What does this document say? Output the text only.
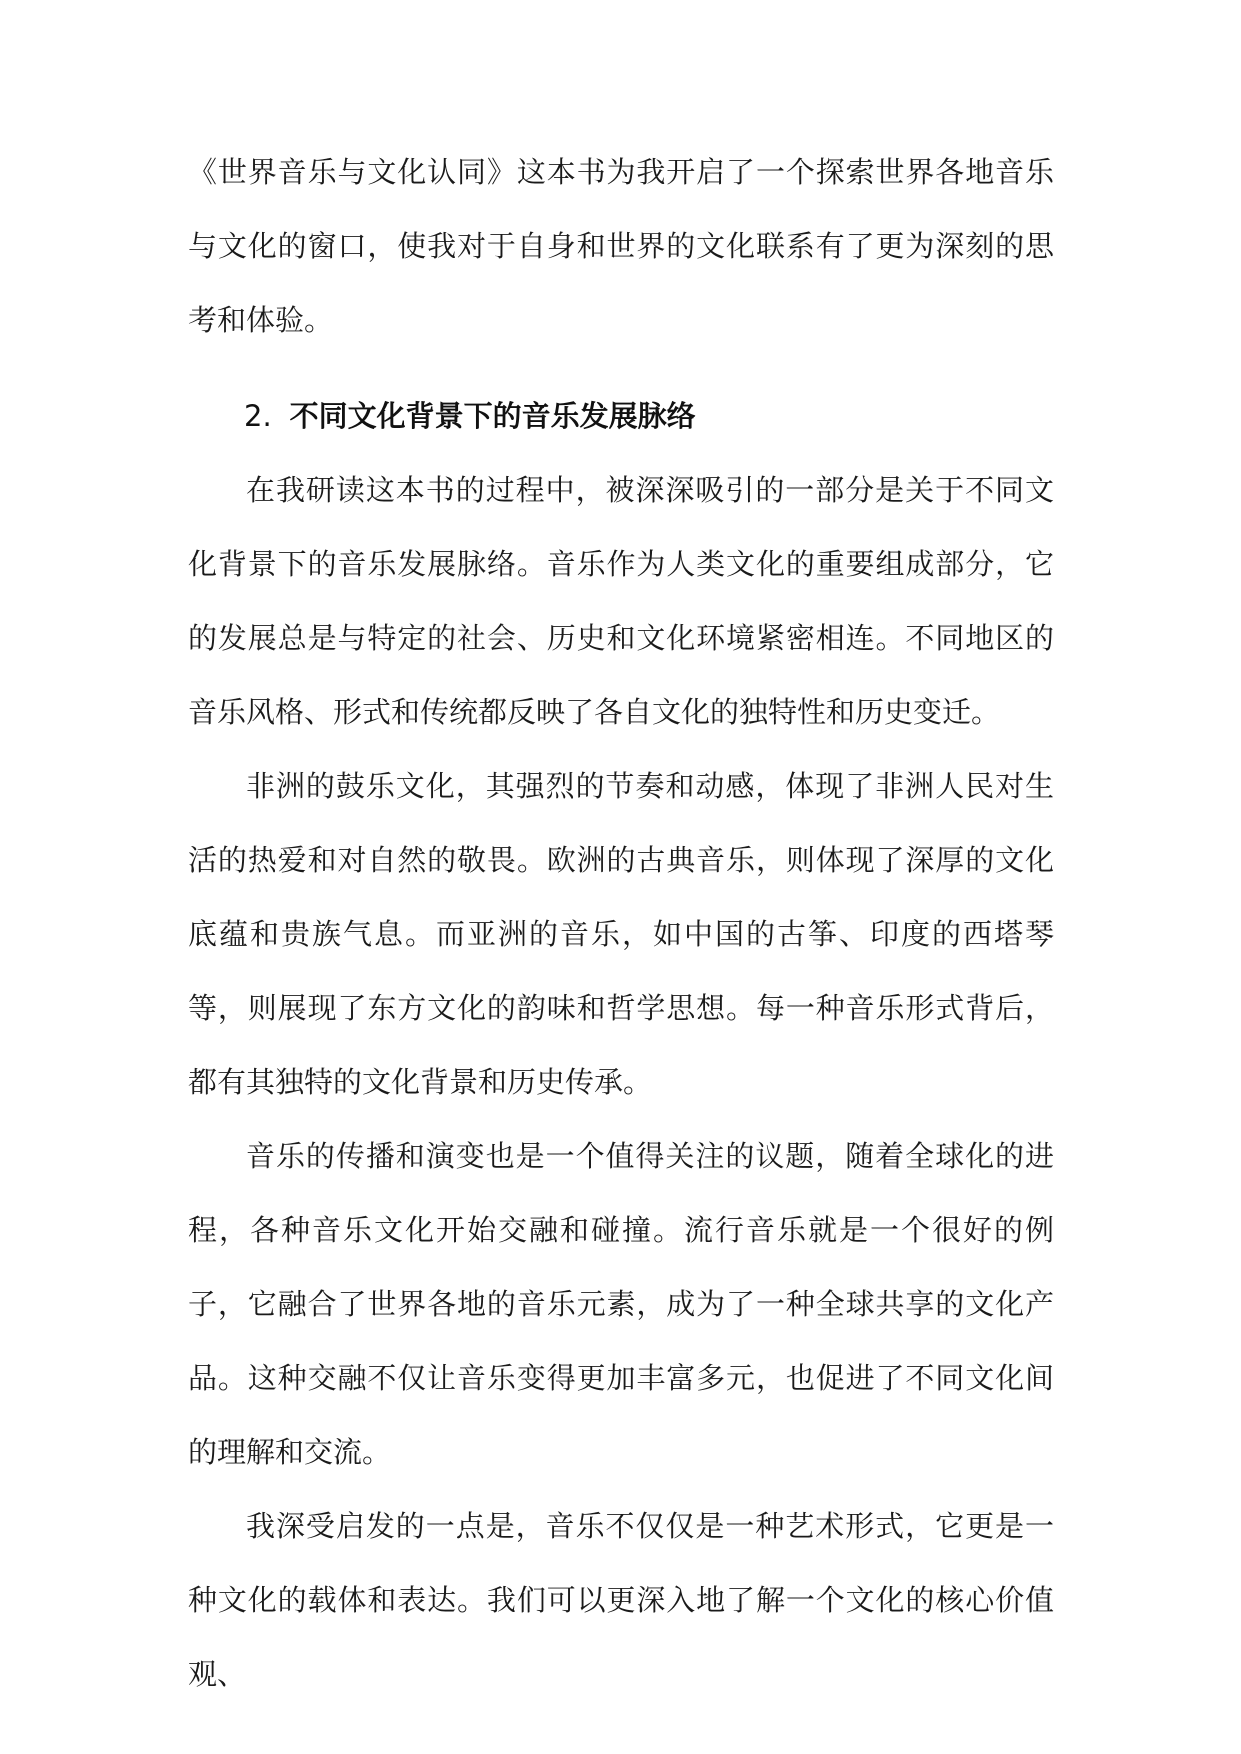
《世界音乐与文化认同》这本书为我开启了一个探索世界各地音乐与文化的窗口，使我对于自身和世界的文化联系有了更为深刻的思考和体验。

2. 不同文化背景下的音乐发展脉络

在我研读这本书的过程中，被深深吸引的一部分是关于不同文化背景下的音乐发展脉络。音乐作为人类文化的重要组成部分，它的发展总是与特定的社会、历史和文化环境紧密相连。不同地区的音乐风格、形式和传统都反映了各自文化的独特性和历史变迁。

非洲的鼓乐文化，其强烈的节奏和动感，体现了非洲人民对生活的热爱和对自然的敬畏。欧洲的古典音乐，则体现了深厚的文化底蕴和贵族气息。而亚洲的音乐，如中国的古筝、印度的西塔琴等，则展现了东方文化的韵味和哲学思想。每一种音乐形式背后，都有其独特的文化背景和历史传承。

音乐的传播和演变也是一个值得关注的议题，随着全球化的进程，各种音乐文化开始交融和碰撞。流行音乐就是一个很好的例子，它融合了世界各地的音乐元素，成为了一种全球共享的文化产品。这种交融不仅让音乐变得更加丰富多元，也促进了不同文化间的理解和交流。

我深受启发的一点是，音乐不仅仅是一种艺术形式，它更是一种文化的载体和表达。我们可以更深入地了解一个文化的核心价值观、
